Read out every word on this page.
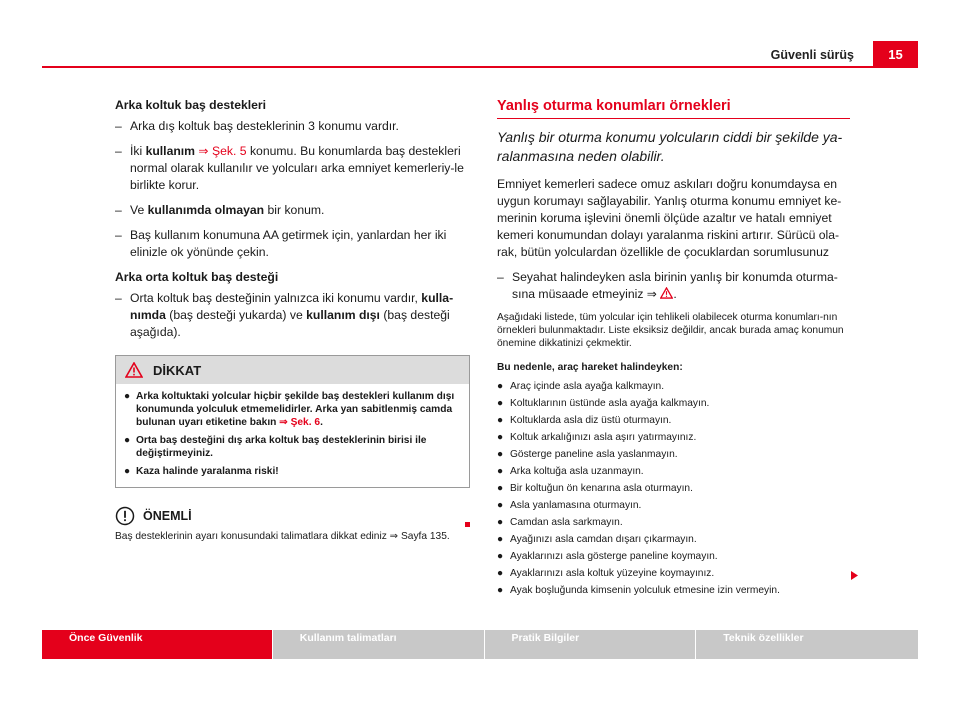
Güvenli sürüş	15
Arka koltuk baş destekleri
– Arka dış koltuk baş desteklerinin 3 konumu vardır.
– İki kullanım ⇒ Şek. 5 konumu. Bu konumlarda baş destekleri normal olarak kullanılır ve yolcuları arka emniyet kemerleriy-le birlikte korur.
– Ve kullanımda olmayan bir konum.
– Baş kullanım konumuna AA getirmek için, yanlardan her iki elinizle ok yönünde çekin.
Arka orta koltuk baş desteği
– Orta koltuk baş desteğinin yalnızca iki konumu vardır, kulla-nımda (baş desteği yukarda) ve kullanım dışı (baş desteği aşağıda).
DİKKAT
● Arka koltuktaki yolcular hiçbir şekilde baş destekleri kullanım dışı konumunda yolculuk etmemelidirler. Arka yan sabitlenmiş camda bulunan uyarı etiketine bakın ⇒ Şek. 6.
● Orta baş desteğini dış arka koltuk baş desteklerinin birisi ile değiştirmeyiniz.
● Kaza halinde yaralanma riski!
ÖNEMLİ
Baş desteklerinin ayarı konusundaki talimatlara dikkat ediniz ⇒ Sayfa 135.
Yanlış oturma konumları örnekleri
Yanlış bir oturma konumu yolcuların ciddi bir şekilde ya-ralanmasına neden olabilir.

Emniyet kemerleri sadece omuz askıları doğru konumdaysa en uygun korumayı sağlayabilir. Yanlış oturma konumu emniyet ke-merinin koruma işlevini önemli ölçüde azaltır ve hatalı emniyet kemeri konumundan dolayı yaralanma riskini artırır. Sürücü ola-rak, bütün yolculardan özellikle de çocuklardan sorumlusunuz

– Seyahat halindeyken asla birinin yanlış bir konumda oturma-sına müsaade etmeyiniz ⇒ .

Aşağıdaki listede, tüm yolcular için tehlikeli olabilecek oturma konumları-nın örnekleri bulunmaktadır. Liste eksiksiz değildir, ancak burada amaç konumun önemine dikkatinizi çekmektir.

Bu nedenle, araç hareket halindeyken:
● Araç içinde asla ayağa kalkmayın.
● Koltuklarının üstünde asla ayağa kalkmayın.
● Koltuklarda asla diz üstü oturmayın.
● Koltuk arkalığınızı asla aşırı yatırmayınız.
● Gösterge paneline asla yaslanmayın.
● Arka koltuğa asla uzanmayın.
● Bir koltuğun ön kenarına asla oturmayın.
● Asla yanlamasına oturmayın.
● Camdan asla sarkmayın.
● Ayağınızı asla camdan dışarı çıkarmayın.
● Ayaklarınızı asla gösterge paneline koymayın.
● Ayaklarınızı asla koltuk yüzeyine koymayınız.
● Ayak boşluğunda kimsenin yolculuk etmesine izin vermeyin.
Önce Güvenlik	Kullanım talimatları	Pratik Bilgiler	Teknik özellikler
